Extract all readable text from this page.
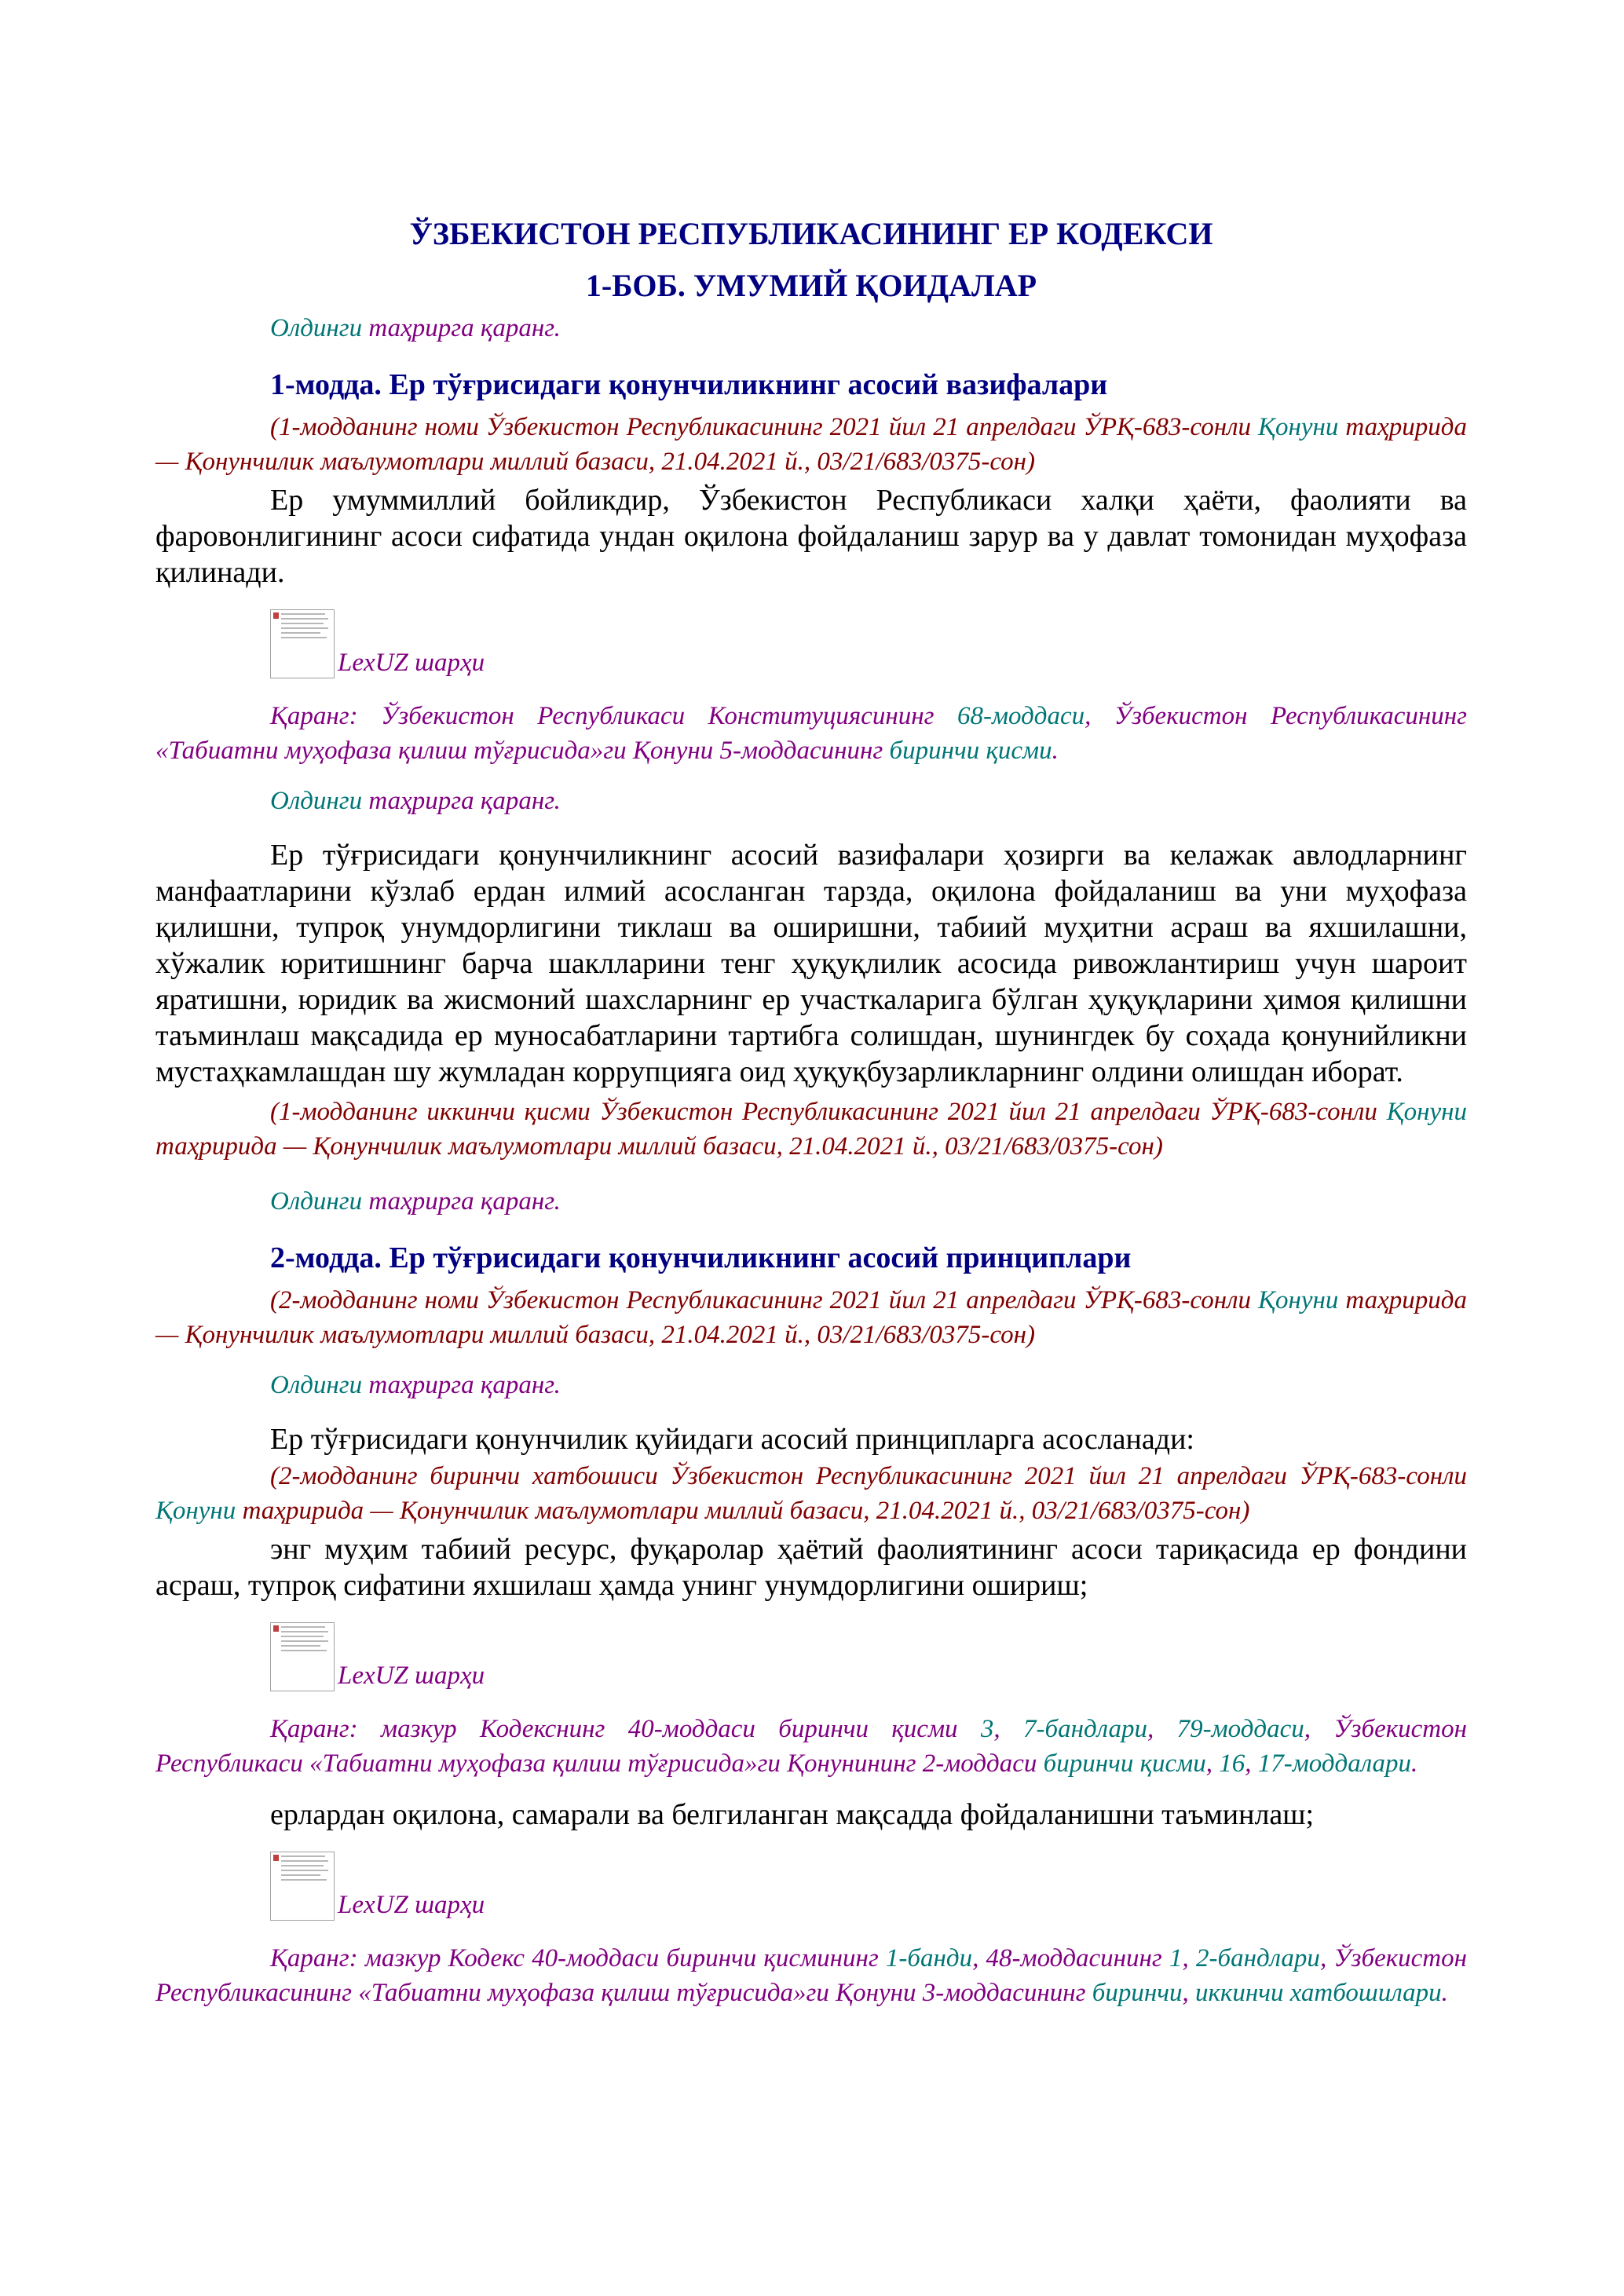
ЎЗБЕКИСТОН РЕСПУБЛИКАСИНИНГ ЕР КОДЕКСИ

1-БОБ. УМУМИЙ ҚОИДАЛАР

Олдинги таҳрирга қаранг.

1-модда. Ер тўғрисидаги қонунчиликнинг асосий вазифалари

(1-модданинг номи Ўзбекистон Республикасининг 2021 йил 21 апрелдаги ЎРҚ-683-сонли Қонуни таҳририда — Қонунчилик маълумотлари миллий базаси, 21.04.2021 й., 03/21/683/0375-сон)

Ер умуммиллий бойликдир, Ўзбекистон Республикаси халқи ҳаёти, фаолияти ва фаровонлигининг асоси сифатида ундан оқилона фойдаланиш зарур ва у давлат томонидан муҳофаза қилинади.

LexUZ шарҳи

Қаранг: Ўзбекистон Республикаси Конституциясининг 68-моддаси, Ўзбекистон Республикасининг «Табиатни муҳофаза қилиш тўғрисида»ги Қонуни 5-моддасининг биринчи қисми.

Олдинги таҳрирга қаранг.

Ер тўғрисидаги қонунчиликнинг асосий вазифалари ҳозирги ва келажак авлодларнинг манфаатларини кўзлаб ердан илмий асосланган тарзда, оқилона фойдаланиш ва уни муҳофаза қилишни, тупроқ унумдорлигини тиклаш ва оширишни, табиий муҳитни асраш ва яхшилашни, хўжалик юритишнинг барча шаклларини тенг ҳуқуқлилик асосида ривожлантириш учун шароит яратишни, юридик ва жисмоний шахсларнинг ер участкаларига бўлган ҳуқуқларини ҳимоя қилишни таъминлаш мақсадида ер муносабатларини тартибга солишдан, шунингдек бу соҳада қонунийликни мустаҳкамлашдан шу жумладан коррупцияга оид ҳуқуқбузарликларнинг олдини олишдан иборат.

(1-модданинг иккинчи қисми Ўзбекистон Республикасининг 2021 йил 21 апрелдаги ЎРҚ-683-сонли Қонуни таҳририда — Қонунчилик маълумотлари миллий базаси, 21.04.2021 й., 03/21/683/0375-сон)

Олдинги таҳрирга қаранг.

2-модда. Ер тўғрисидаги қонунчиликнинг асосий принциплари

(2-модданинг номи Ўзбекистон Республикасининг 2021 йил 21 апрелдаги ЎРҚ-683-сонли Қонуни таҳририда — Қонунчилик маълумотлари миллий базаси, 21.04.2021 й., 03/21/683/0375-сон)

Олдинги таҳрирга қаранг.

Ер тўғрисидаги қонунчилик қуйидаги асосий принципларга асосланади:

(2-модданинг биринчи хатбошиси Ўзбекистон Республикасининг 2021 йил 21 апрелдаги ЎРҚ-683-сонли Қонуни таҳририда — Қонунчилик маълумотлари миллий базаси, 21.04.2021 й., 03/21/683/0375-сон)

энг муҳим табиий ресурс, фуқаролар ҳаётий фаолиятининг асоси тариқасида ер фондини асраш, тупроқ сифатини яхшилаш ҳамда унинг унумдорлигини ошириш;

LexUZ шарҳи

Қаранг: мазкур Кодекснинг 40-моддаси биринчи қисми 3, 7-бандлари, 79-моддаси, Ўзбекистон Республикаси «Табиатни муҳофаза қилиш тўғрисида»ги Қонунининг 2-моддаси биринчи қисми, 16, 17-моддалари.

ерлардан оқилона, самарали ва белгиланган мақсадда фойдаланишни таъминлаш;

LexUZ шарҳи

Қаранг: мазкур Кодекс 40-моддаси биринчи қисмининг 1-банди, 48-моддасининг 1, 2-бандлари, Ўзбекистон Республикасининг «Табиатни муҳофаза қилиш тўғрисида»ги Қонуни 3-моддасининг биринчи, иккинчи хатбошилари.
